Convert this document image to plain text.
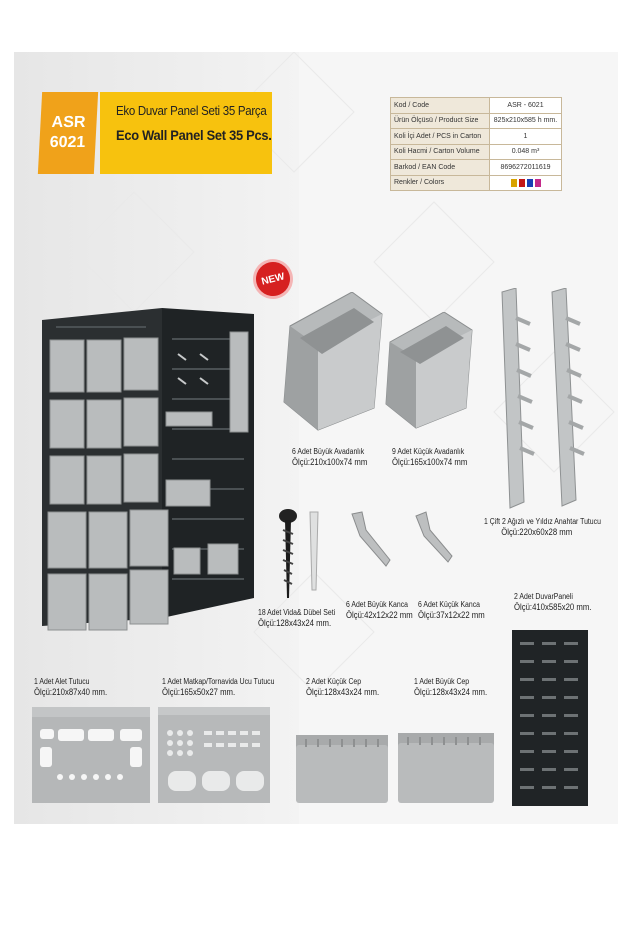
ASR
6021
Eko Duvar Panel Seti 35 Parça
Eco Wall Panel Set 35 Pcs.
Kod / Code	ASR - 6021
Ürün Ölçüsü / Product Size	825x210x585 h mm.
Koli İçi Adet / PCS in Carton	1
Koli Hacmi / Carton Volume	0.048 m³
Barkod / EAN Code	8696272011619
Renkler / Colors	
NEW
6 Adet Büyük Avadanlık
Ölçü:210x100x74 mm
9 Adet Küçük Avadanlık
Ölçü:165x100x74 mm
1 Çift 2 Ağızlı ve Yıldız Anahtar Tutucu
Ölçü:220x60x28 mm
18 Adet Vida& Dübel Seti
Ölçü:128x43x24 mm.
6 Adet Büyük Kanca
Ölçü:42x12x22 mm
6 Adet Küçük Kanca
Ölçü:37x12x22 mm
2 Adet DuvarPaneli
Ölçü:410x585x20 mm.
1 Adet Alet Tutucu
Ölçü:210x87x40 mm.
1 Adet Matkap/Tornavida Ucu Tutucu
Ölçü:165x50x27 mm.
2 Adet Küçük Cep
Ölçü:128x43x24 mm.
1 Adet Büyük Cep
Ölçü:128x43x24 mm.
